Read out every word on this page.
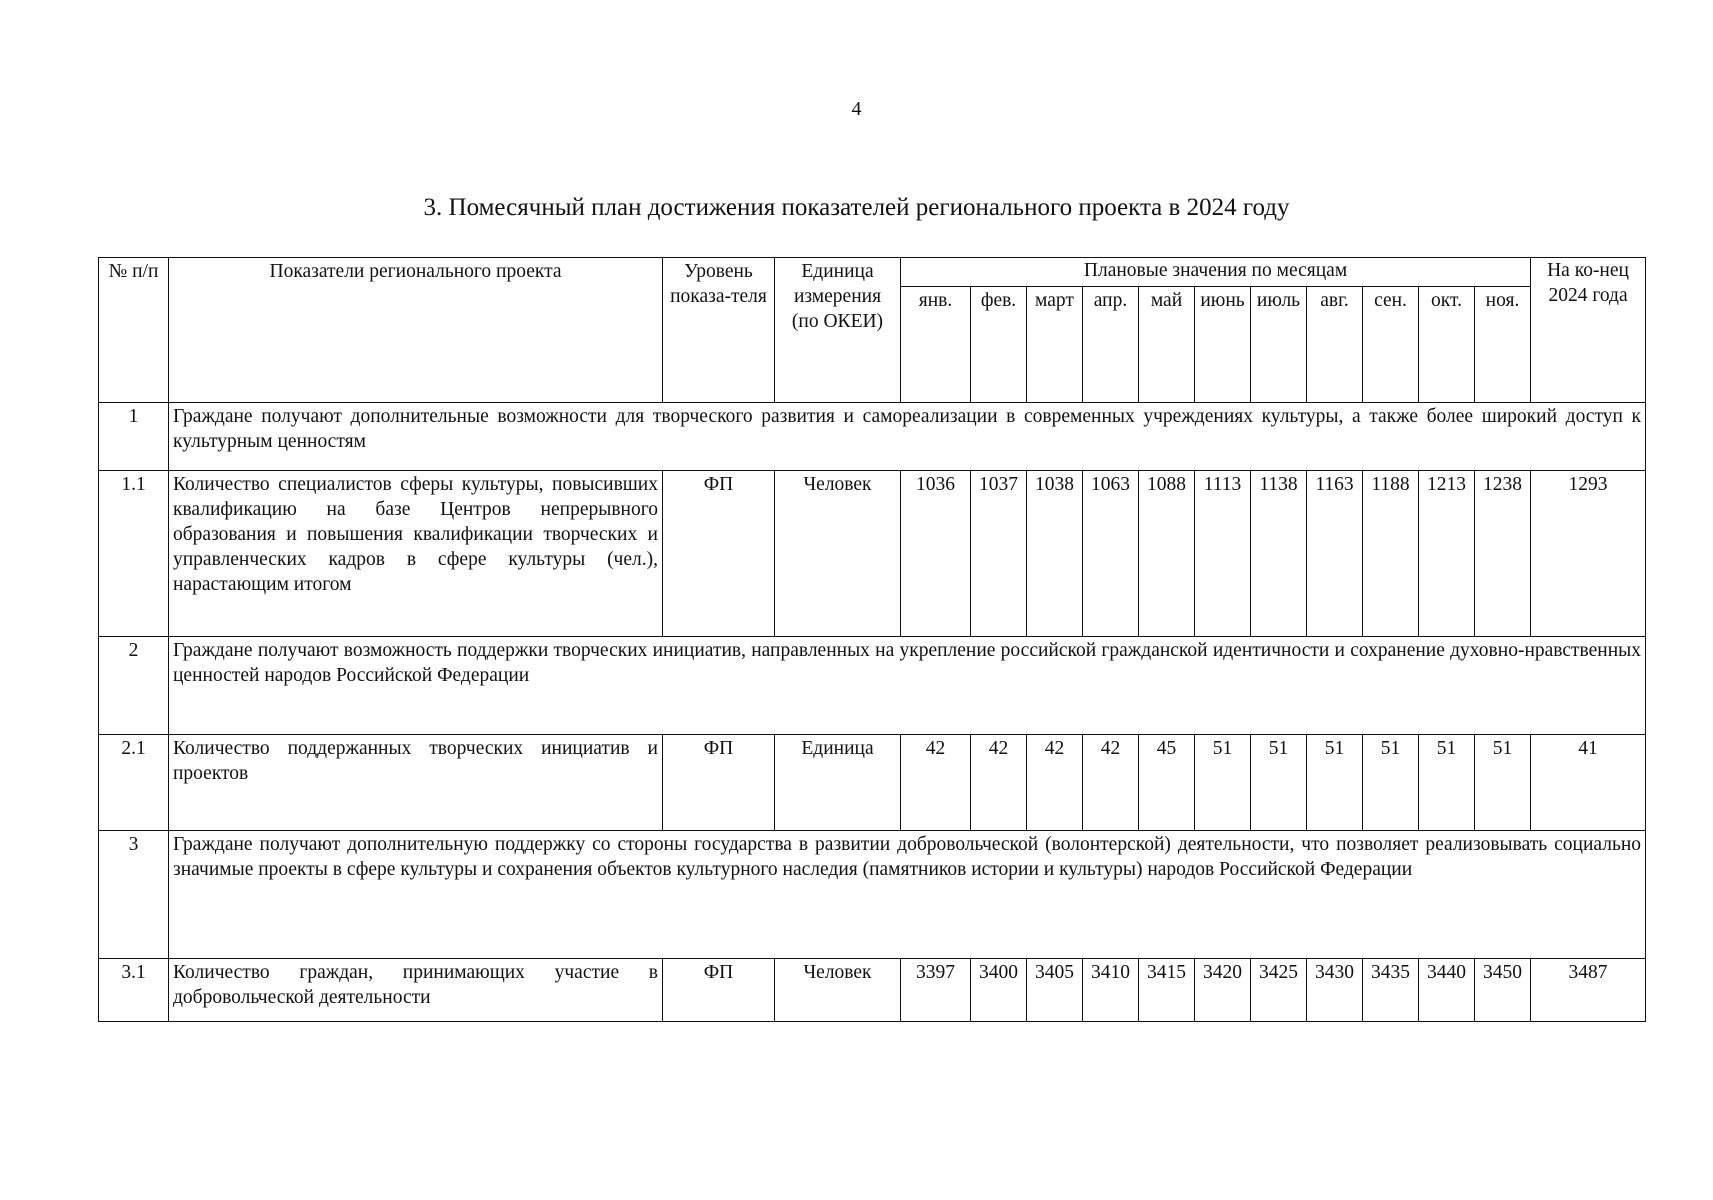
4
3. Помесячный план достижения показателей регионального проекта в 2024 году
№ п/п	Показатели регионального проекта	Уровень показа-теля	Единица измерения (по ОКЕИ)	Плановые значения по месяцам											На ко-нец 2024 года
				янв.	фев.	март	апр.	май	июнь	июль	авг.	сен.	окт.	ноя.	
1	Граждане получают дополнительные возможности для творческого развития и самореализации в современных учреждениях культуры, а также более широкий доступ к культурным ценностям														
1.1	Количество специалистов сферы культуры, повысивших квалификацию на базе Центров непрерывного образования и повышения квалификации творческих и управленческих кадров в сфере культуры (чел.), нарастающим итогом	ФП	Человек	1036	1037	1038	1063	1088	1113	1138	1163	1188	1213	1238	1293
2	Граждане получают возможность поддержки творческих инициатив, направленных на укрепление российской гражданской идентичности и сохранение духовно-нравственных ценностей народов Российской Федерации														
2.1	Количество поддержанных творческих инициатив и проектов	ФП	Единица	42	42	42	42	45	51	51	51	51	51	51	41
3	Граждане получают дополнительную поддержку со стороны государства в развитии добровольческой (волонтерской) деятельности, что позволяет реализовывать социально значимые проекты в сфере культуры и сохранения объектов культурного наследия (памятников истории и культуры) народов Российской Федерации														
3.1	Количество граждан, принимающих участие в добровольческой деятельности	ФП	Человек	3397	3400	3405	3410	3415	3420	3425	3430	3435	3440	3450	3487
